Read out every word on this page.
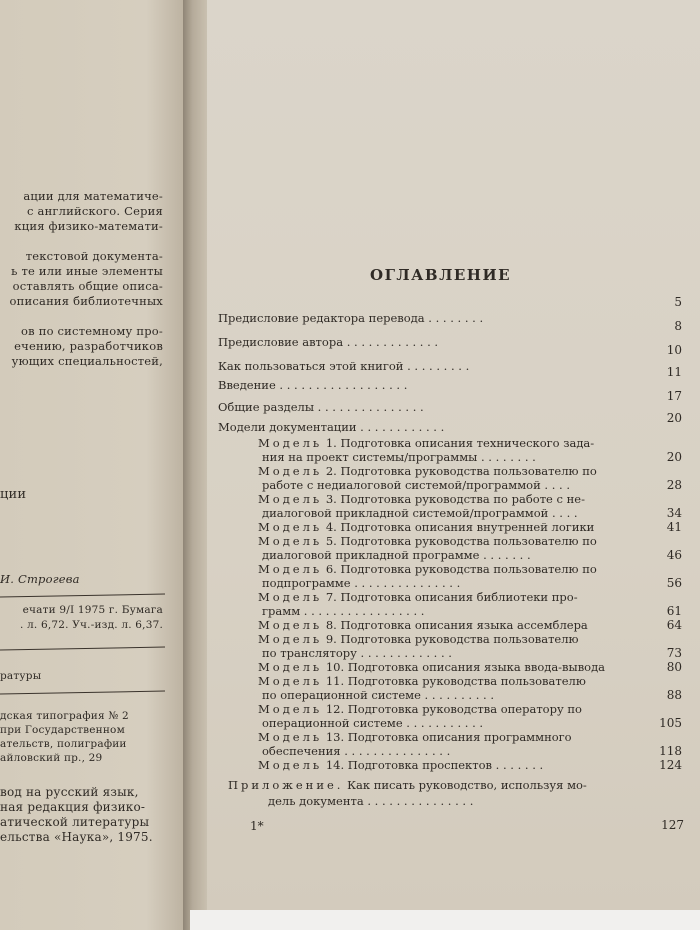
ации для математиче-
с английского. Серия
кция физико-математи-
текстовой документа-
ь те или иные элементы
оставлять общие описа-
описания библиотечных
ов по системному про-
ечению, разработчиков
ующих специальностей,
ции
И. Строгева
ечати 9/I 1975 г. Бумага
. л. 6,72. Уч.-изд. л. 6,37.
ратуры
дская типография № 2
при Государственном
ательств, полиграфии
айловский пр., 29
вод на русский язык,
ная редакция физико-
атической литературы
ельства «Наука», 1975.
ОГЛАВЛЕНИЕ
Предисловие редактора перевода . . . . . . . .
5
Предисловие автора . . . . . . . . . . . . .
8
Как пользоваться этой книгой . . . . . . . . .
10
Введение . . . . . . . . . . . . . . . . . .
11
Общие разделы . . . . . . . . . . . . . . .
17
Модели документации . . . . . . . . . . . .
20
Модель 1. Подготовка описания технического зада-
ния на проект системы/программы . . . . . . . .	20
Модель 2. Подготовка руководства пользователю по
работе с недиалоговой системой/программой . . . .	28
Модель 3. Подготовка руководства по работе с не-
диалоговой прикладной системой/программой . . . .	34
Модель 4. Подготовка описания внутренней логики	41
Модель 5. Подготовка руководства пользователю по
диалоговой прикладной программе . . . . . . .	46
Модель 6. Подготовка руководства пользователю по
подпрограмме . . . . . . . . . . . . . . .	56
Модель 7. Подготовка описания библиотеки про-
грамм . . . . . . . . . . . . . . . . .	61
Модель 8. Подготовка описания языка ассемблера	64
Модель 9. Подготовка руководства пользователю
по транслятору . . . . . . . . . . . . .	73
Модель 10. Подготовка описания языка ввода-вывода	80
Модель 11. Подготовка руководства пользователю
по операционной системе . . . . . . . . . .	88
Модель 12. Подготовка руководства оператору по
операционной системе . . . . . . . . . . .	105
Модель 13. Подготовка описания программного
обеспечения . . . . . . . . . . . . . . .	118
Модель 14. Подготовка проспектов . . . . . . .	124
Приложение. Как писать руководство, используя мо-
дель документа . . . . . . . . . . . . . . .
127
1*
